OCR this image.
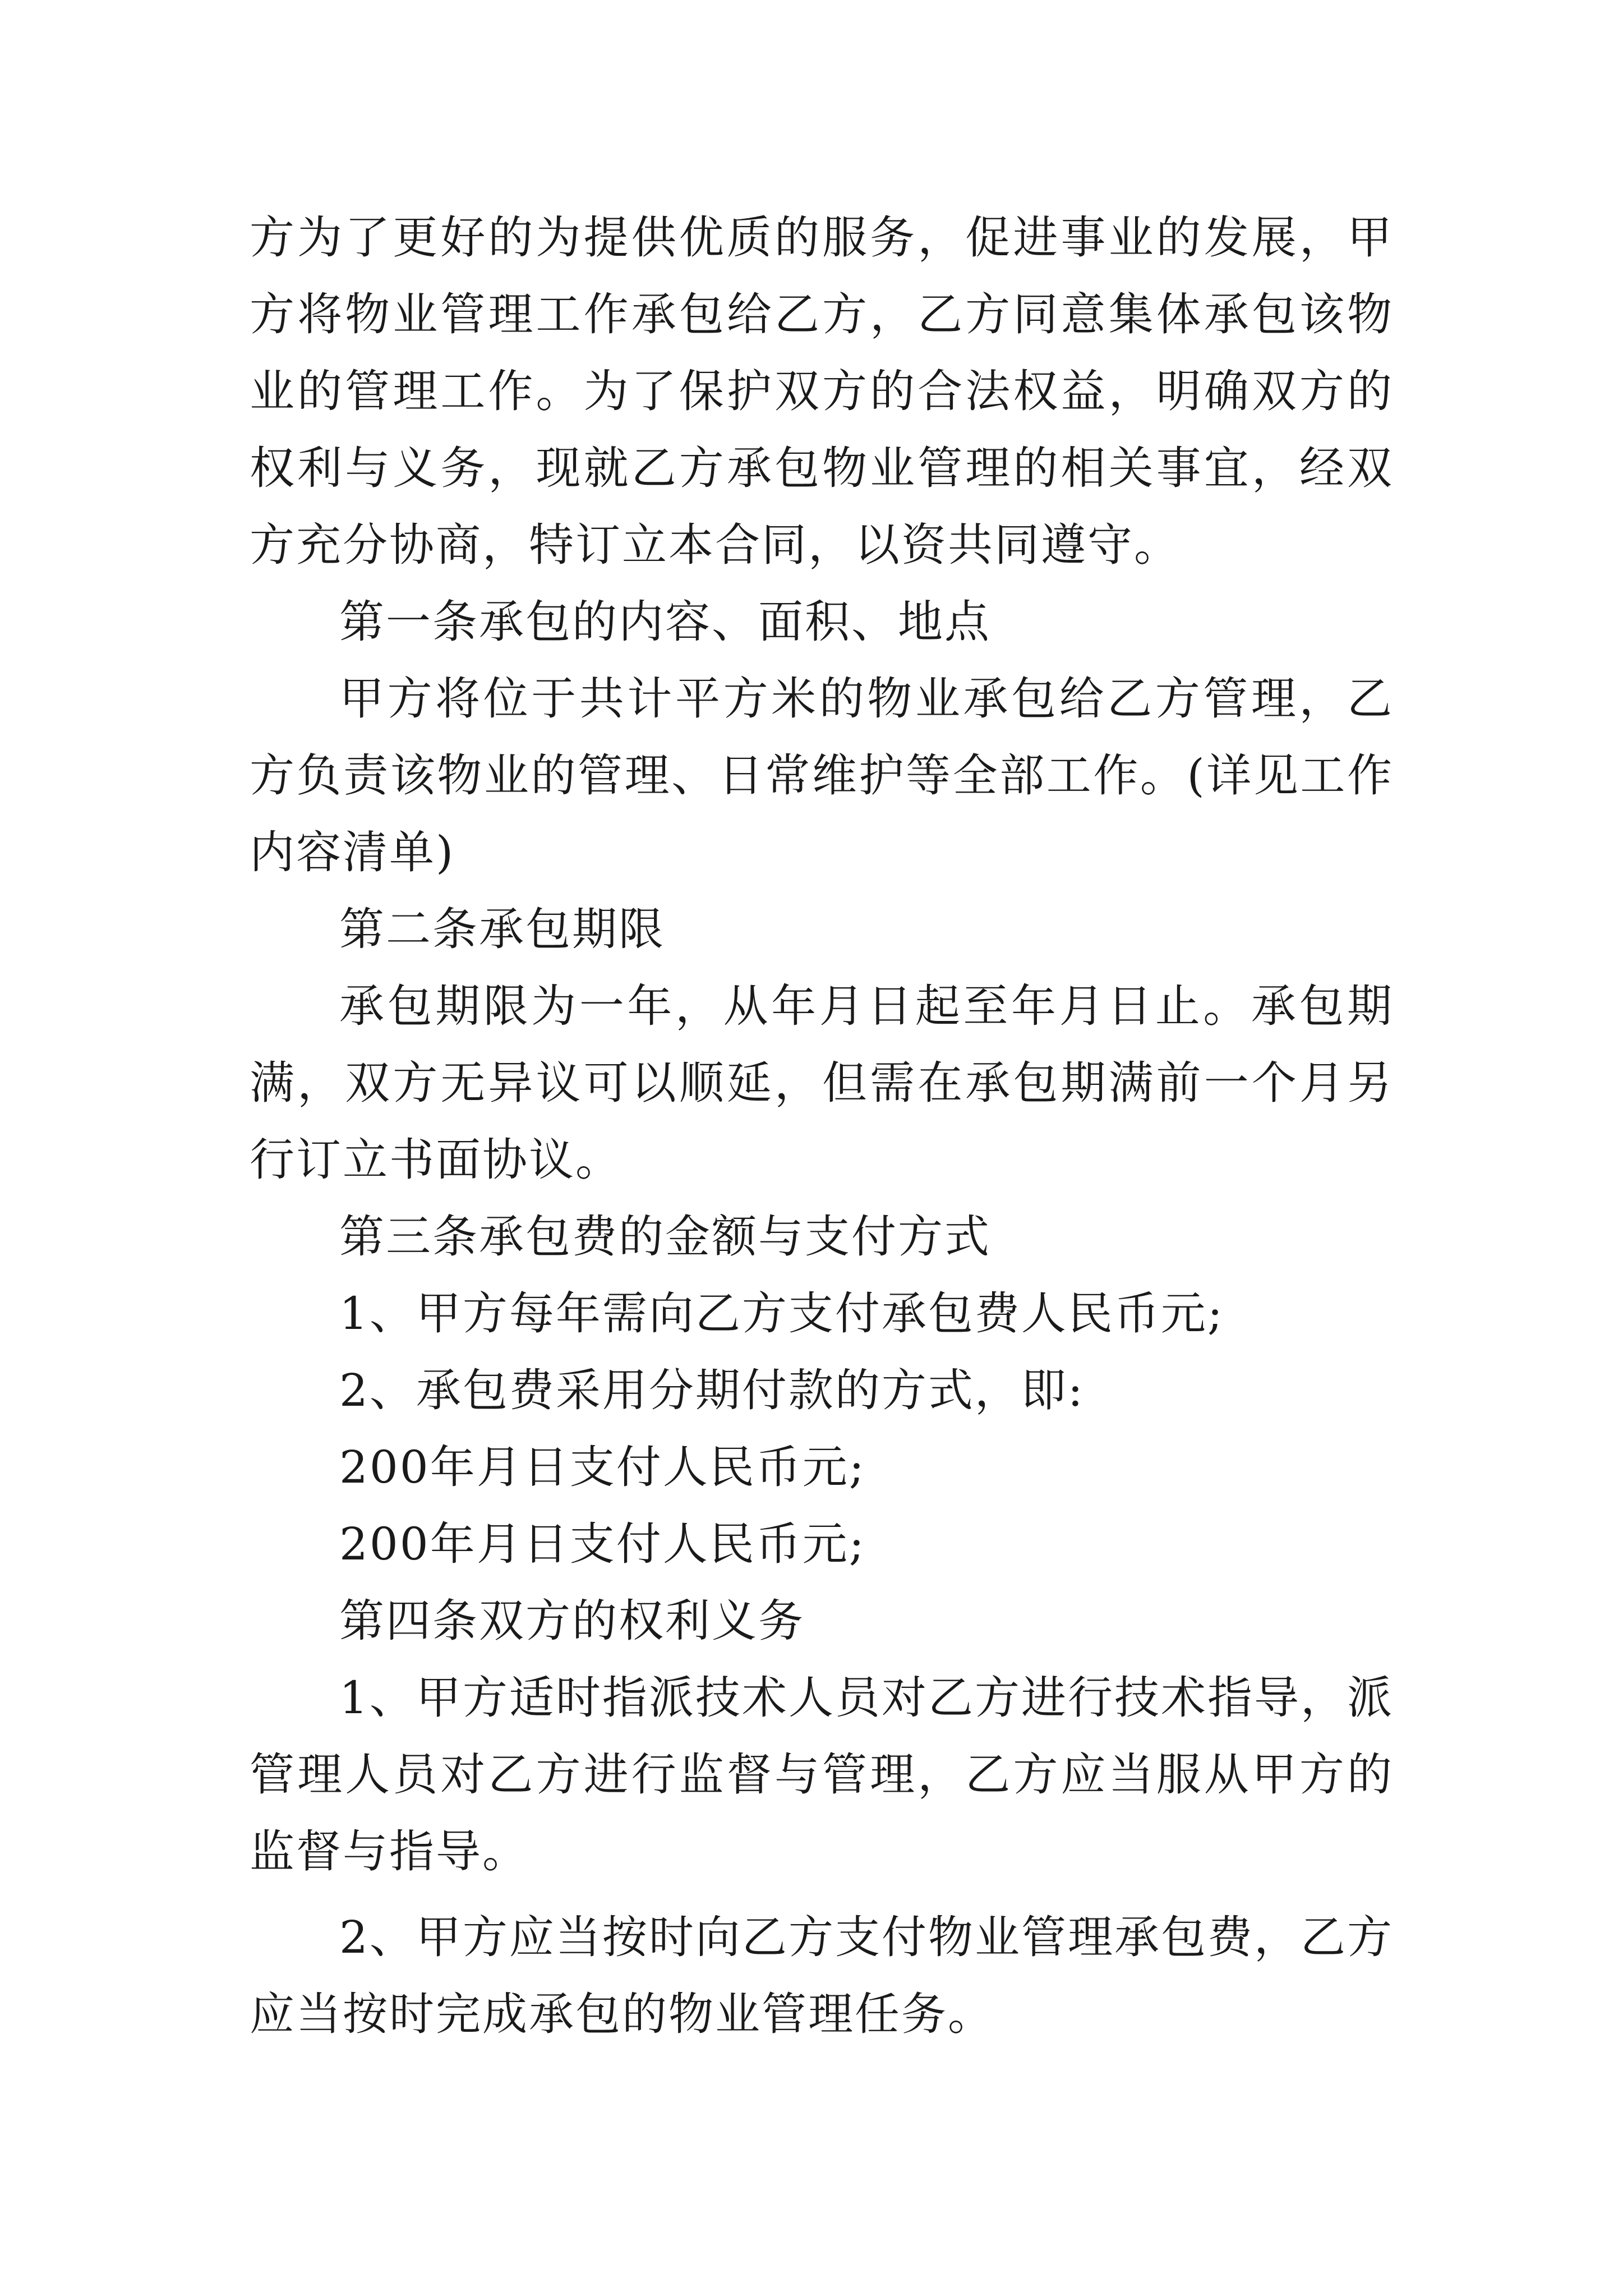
方为了更好的为提供优质的服务，促进事业的发展，甲方将物业管理工作承包给乙方，乙方同意集体承包该物业的管理工作。为了保护双方的合法权益，明确双方的权利与义务，现就乙方承包物业管理的相关事宜，经双方充分协商，特订立本合同，以资共同遵守。

第一条承包的内容、面积、地点

甲方将位于共计平方米的物业承包给乙方管理，乙方负责该物业的管理、日常维护等全部工作。(详见工作内容清单)

第二条承包期限

承包期限为一年，从年月日起至年月日止。承包期满，双方无异议可以顺延，但需在承包期满前一个月另行订立书面协议。

第三条承包费的金额与支付方式

1、甲方每年需向乙方支付承包费人民币元;

2、承包费采用分期付款的方式，即:

200年月日支付人民币元;

200年月日支付人民币元;

第四条双方的权利义务

1、甲方适时指派技术人员对乙方进行技术指导，派管理人员对乙方进行监督与管理，乙方应当服从甲方的监督与指导。

2、甲方应当按时向乙方支付物业管理承包费，乙方应当按时完成承包的物业管理任务。
